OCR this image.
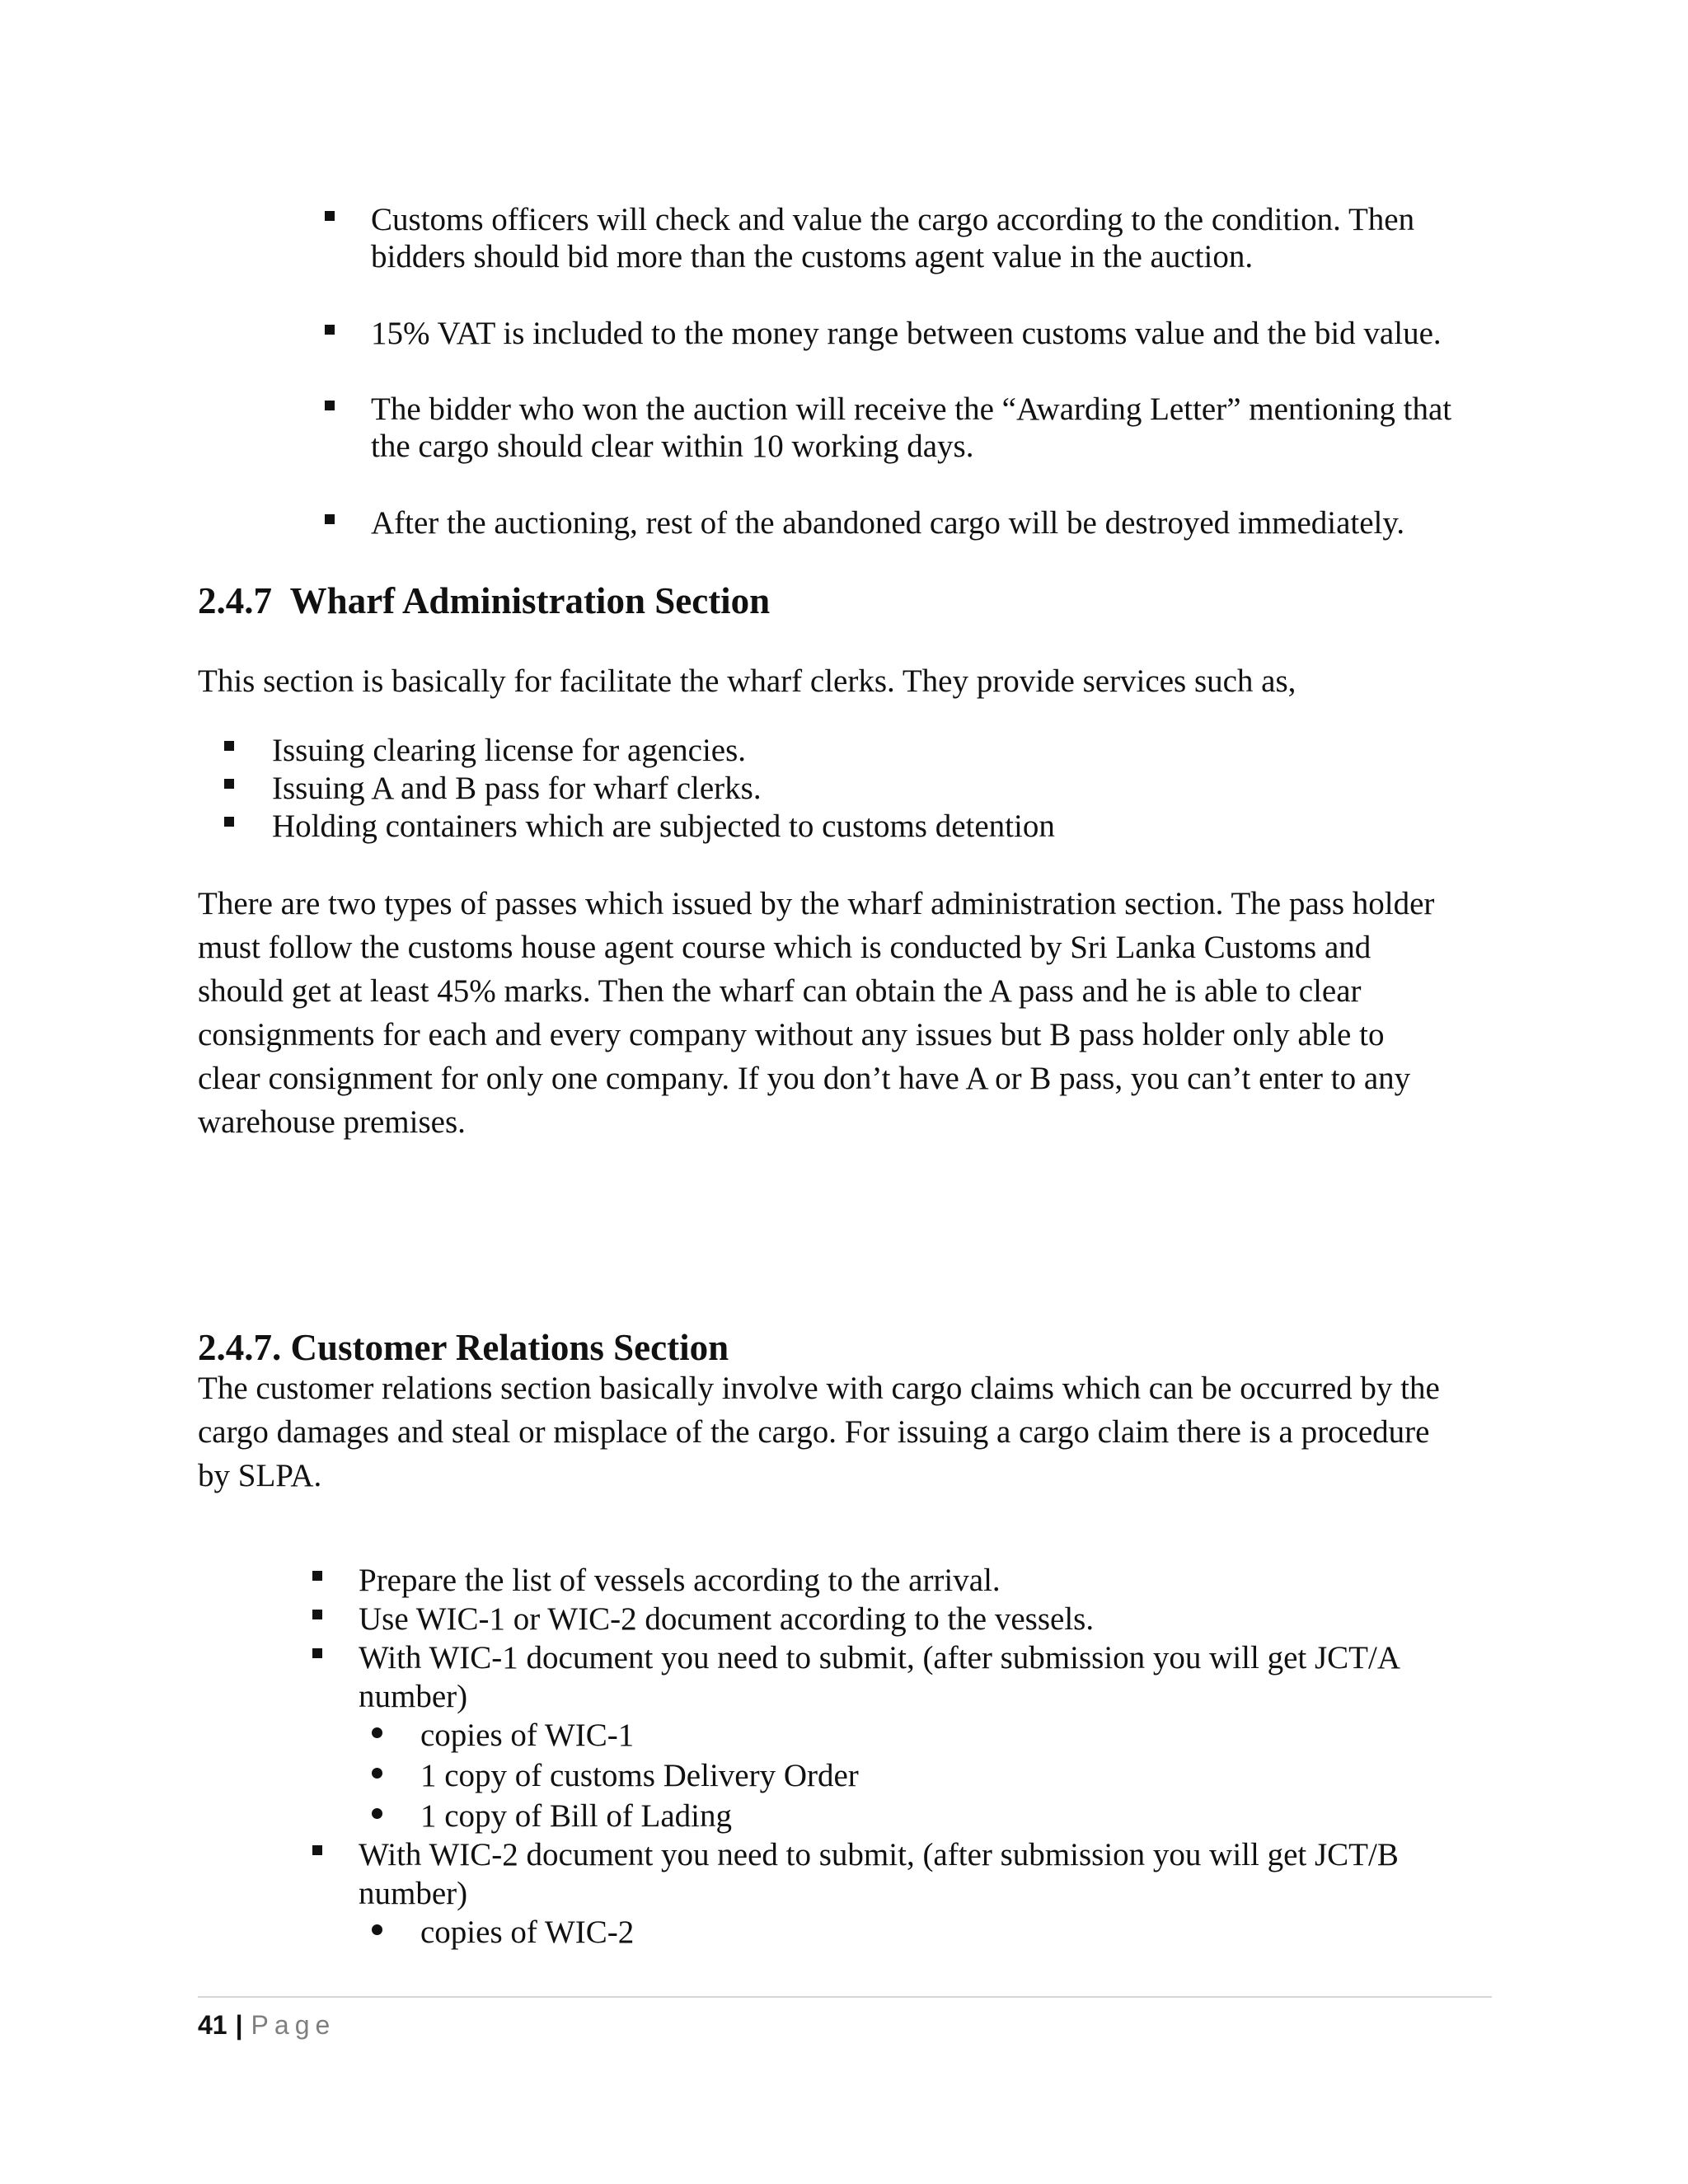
Customs officers will check and value the cargo according to the condition. Then
bidders should bid more than the customs agent value in the auction.
15% VAT is included to the money range between customs value and the bid value.
The bidder who won the auction will receive the “Awarding Letter” mentioning that
the cargo should clear within 10 working days.
After the auctioning, rest of the abandoned cargo will be destroyed immediately.
2.4.7  Wharf Administration Section
This section is basically for facilitate the wharf clerks. They provide services such as,
Issuing clearing license for agencies.
Issuing A and B pass for wharf clerks.
Holding containers which are subjected to customs detention
There are two types of passes which issued by the wharf administration section. The pass holder
must follow the customs house agent course which is conducted by Sri Lanka Customs and
should get at least 45% marks. Then the wharf can obtain the A pass and he is able to clear
consignments for each and every company without any issues but B pass holder only able to
clear consignment for only one company. If you don’t have A or B pass, you can’t enter to any
warehouse premises.
2.4.7. Customer Relations Section
The customer relations section basically involve with cargo claims which can be occurred by the
cargo damages and steal or misplace of the cargo. For issuing a cargo claim there is a procedure
by SLPA.
Prepare the list of vessels according to the arrival.
Use WIC-1 or WIC-2 document according to the vessels.
With WIC-1 document you need to submit, (after submission you will get JCT/A
number)
copies of WIC-1
1 copy of customs Delivery Order
1 copy of Bill of Lading
With WIC-2 document you need to submit, (after submission you will get JCT/B
number)
copies of WIC-2
41 | Page
